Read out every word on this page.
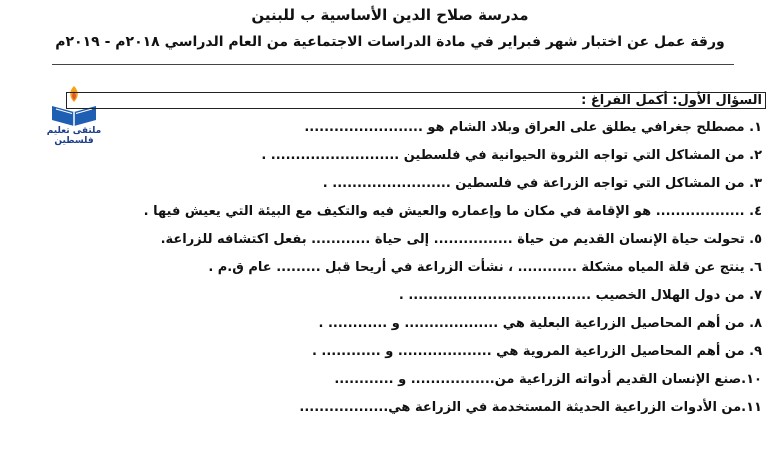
مدرسة صلاح الدين الأساسية ب للبنين
ورقة عمل عن اختبار شهر فبراير في مادة الدراسات الاجتماعية من العام الدراسي ٢٠١٨م - ٢٠١٩م
ملتقى تعليم فلسطين
السؤال الأول: أكمل الفراغ :
١. مصطلح جغرافي يطلق على العراق وبلاد الشام هو ........................
٢. من المشاكل التي تواجه الثروة الحيوانية في فلسطين .......................... .
٣. من المشاكل التي تواجه الزراعة في فلسطين ........................ .
٤. .................. هو الإقامة في مكان ما وإعماره والعيش فيه والتكيف مع البيئة التي يعيش فيها .
٥. تحولت حياة الإنسان القديم من حياة ................ إلى حياة ............ بفعل اكتشافه للزراعة.
٦. ينتج عن قلة المياه مشكلة ............ ، نشأت الزراعة في أريحا قبل ......... عام ق.م .
٧. من دول الهلال الخصيب ..................................... .
٨. من أهم المحاصيل الزراعية البعلية هي ................... و ............ .
٩. من أهم المحاصيل الزراعية المروية هي ................... و ............ .
١٠.صنع الإنسان القديم أدواته الزراعية من................. و ............
١١.من الأدوات الزراعية الحديثة المستخدمة في الزراعة هي..................
